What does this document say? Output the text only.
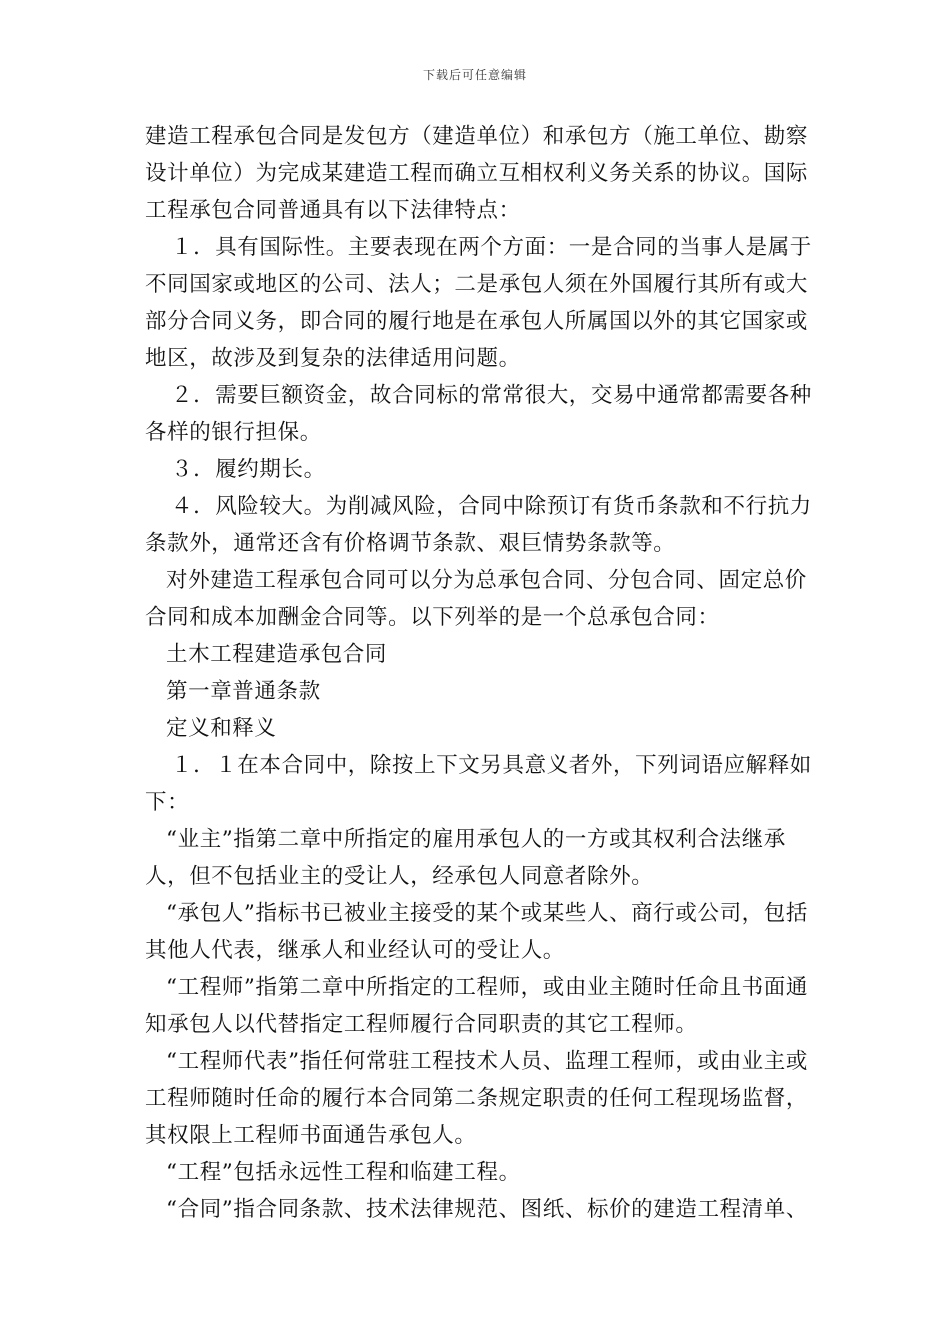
下载后可任意编辑

建造工程承包合同是发包方（建造单位）和承包方（施工单位、勘察设计单位）为完成某建造工程而确立互相权利义务关系的协议。国际工程承包合同普通具有以下法律特点：

１．具有国际性。主要表现在两个方面：一是合同的当事人是属于不同国家或地区的公司、法人；二是承包人须在外国履行其所有或大部分合同义务，即合同的履行地是在承包人所属国以外的其它国家或地区，故涉及到复杂的法律适用问题。

２．需要巨额资金，故合同标的常常很大，交易中通常都需要各种各样的银行担保。

３．履约期长。

４．风险较大。为削减风险，合同中除预订有货币条款和不行抗力条款外，通常还含有价格调节条款、艰巨情势条款等。

对外建造工程承包合同可以分为总承包合同、分包合同、固定总价合同和成本加酬金合同等。以下列举的是一个总承包合同：

土木工程建造承包合同

第一章普通条款

定义和释义

１．１在本合同中，除按上下文另具意义者外，下列词语应解释如下：

“业主”指第二章中所指定的雇用承包人的一方或其权利合法继承人，但不包括业主的受让人，经承包人同意者除外。

“承包人”指标书已被业主接受的某个或某些人、商行或公司，包括其他人代表，继承人和业经认可的受让人。

“工程师”指第二章中所指定的工程师，或由业主随时任命且书面通知承包人以代替指定工程师履行合同职责的其它工程师。

“工程师代表”指任何常驻工程技术人员、监理工程师，或由业主或工程师随时任命的履行本合同第二条规定职责的任何工程现场监督，其权限上工程师书面通告承包人。

“工程”包括永远性工程和临建工程。

“合同”指合同条款、技术法律规范、图纸、标价的建造工程清单、
